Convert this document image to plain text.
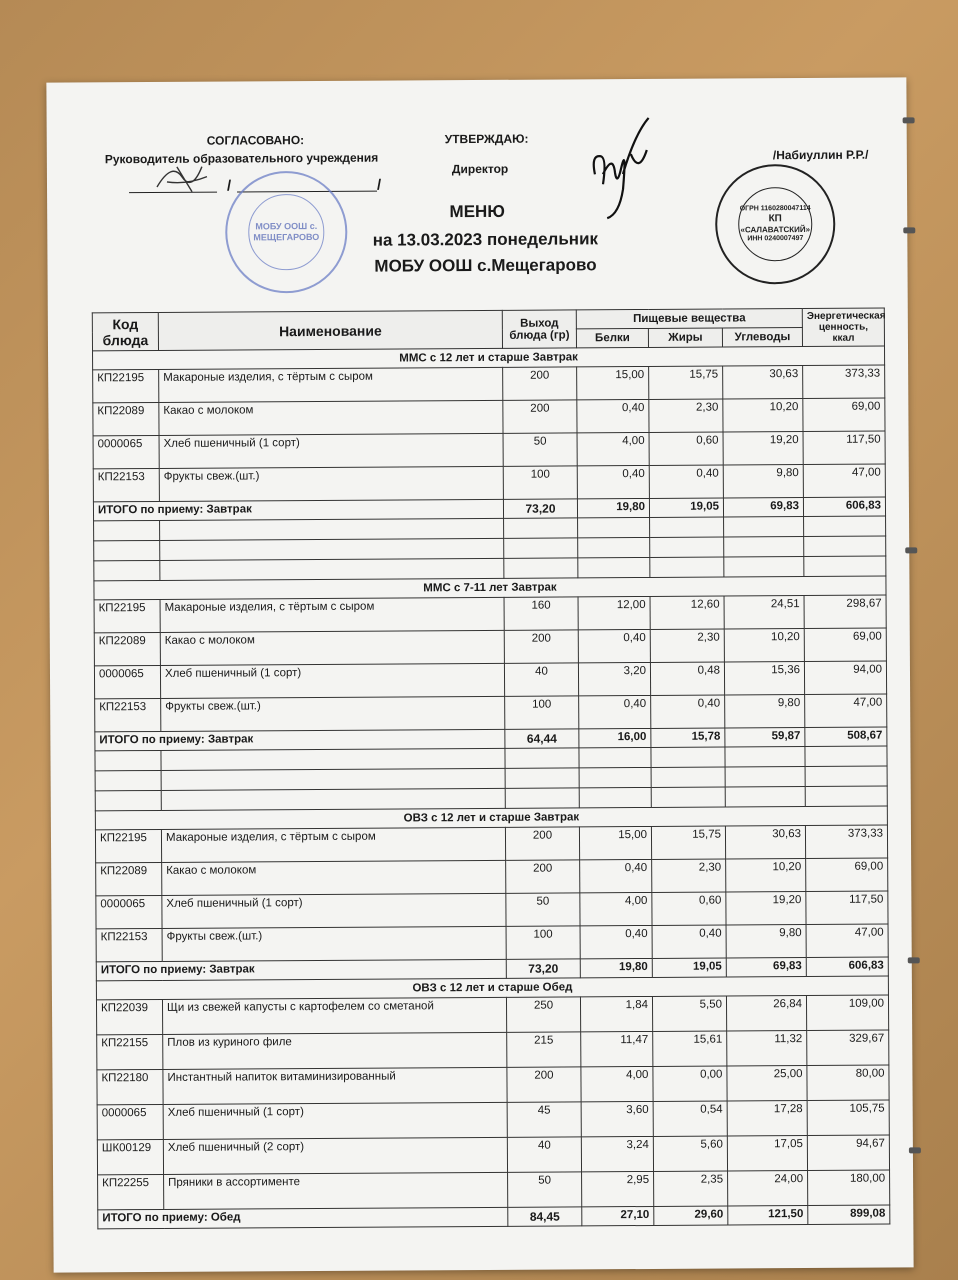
СОГЛАСОВАНО:
Руководитель образовательного учреждения
УТВЕРЖДАЮ:
Директор
/Набиуллин Р.Р./
/	/
МОБУ ООШ с. МЕЩЕГАРОВО
ОГРН 1160280047114
КП
«САЛАВАТСКИЙ»
ИНН 0240007497
МЕНЮ
на 13.03.2023 понедельник
МОБУ ООШ с.Мещегарово
Код блюда	Наименование	Выход блюда (гр)	Пищевые вещества			Энергетическая ценность, ккал
			Белки	Жиры	Углеводы	
ММС с 12 лет и старше Завтрак						
КП22195	Макароные изделия, с тёртым с сыром	200	15,00	15,75	30,63	373,33
КП22089	Какао с молоком	200	0,40	2,30	10,20	69,00
0000065	Хлеб пшеничный (1 сорт)	50	4,00	0,60	19,20	117,50
КП22153	Фрукты свеж.(шт.)	100	0,40	0,40	9,80	47,00
ИТОГО по приему: Завтрак		73,20	19,80	19,05	69,83	606,83

ММС с 7-11 лет Завтрак						
КП22195	Макароные изделия, с тёртым с сыром	160	12,00	12,60	24,51	298,67
КП22089	Какао с молоком	200	0,40	2,30	10,20	69,00
0000065	Хлеб пшеничный (1 сорт)	40	3,20	0,48	15,36	94,00
КП22153	Фрукты свеж.(шт.)	100	0,40	0,40	9,80	47,00
ИТОГО по приему: Завтрак		64,44	16,00	15,78	59,87	508,67

ОВЗ с 12 лет и старше Завтрак						
КП22195	Макароные изделия, с тёртым с сыром	200	15,00	15,75	30,63	373,33
КП22089	Какао с молоком	200	0,40	2,30	10,20	69,00
0000065	Хлеб пшеничный (1 сорт)	50	4,00	0,60	19,20	117,50
КП22153	Фрукты свеж.(шт.)	100	0,40	0,40	9,80	47,00
ИТОГО по приему: Завтрак		73,20	19,80	19,05	69,83	606,83
ОВЗ с 12 лет и старше Обед						
КП22039	Щи из свежей капусты с картофелем со сметаной	250	1,84	5,50	26,84	109,00
КП22155	Плов из куриного филе	215	11,47	15,61	11,32	329,67
КП22180	Инстантный напиток витаминизированный	200	4,00	0,00	25,00	80,00
0000065	Хлеб пшеничный (1 сорт)	45	3,60	0,54	17,28	105,75
ШК00129	Хлеб пшеничный (2 сорт)	40	3,24	5,60	17,05	94,67
КП22255	Пряники в ассортименте	50	2,95	2,35	24,00	180,00
ИТОГО по приему: Обед		84,45	27,10	29,60	121,50	899,08
